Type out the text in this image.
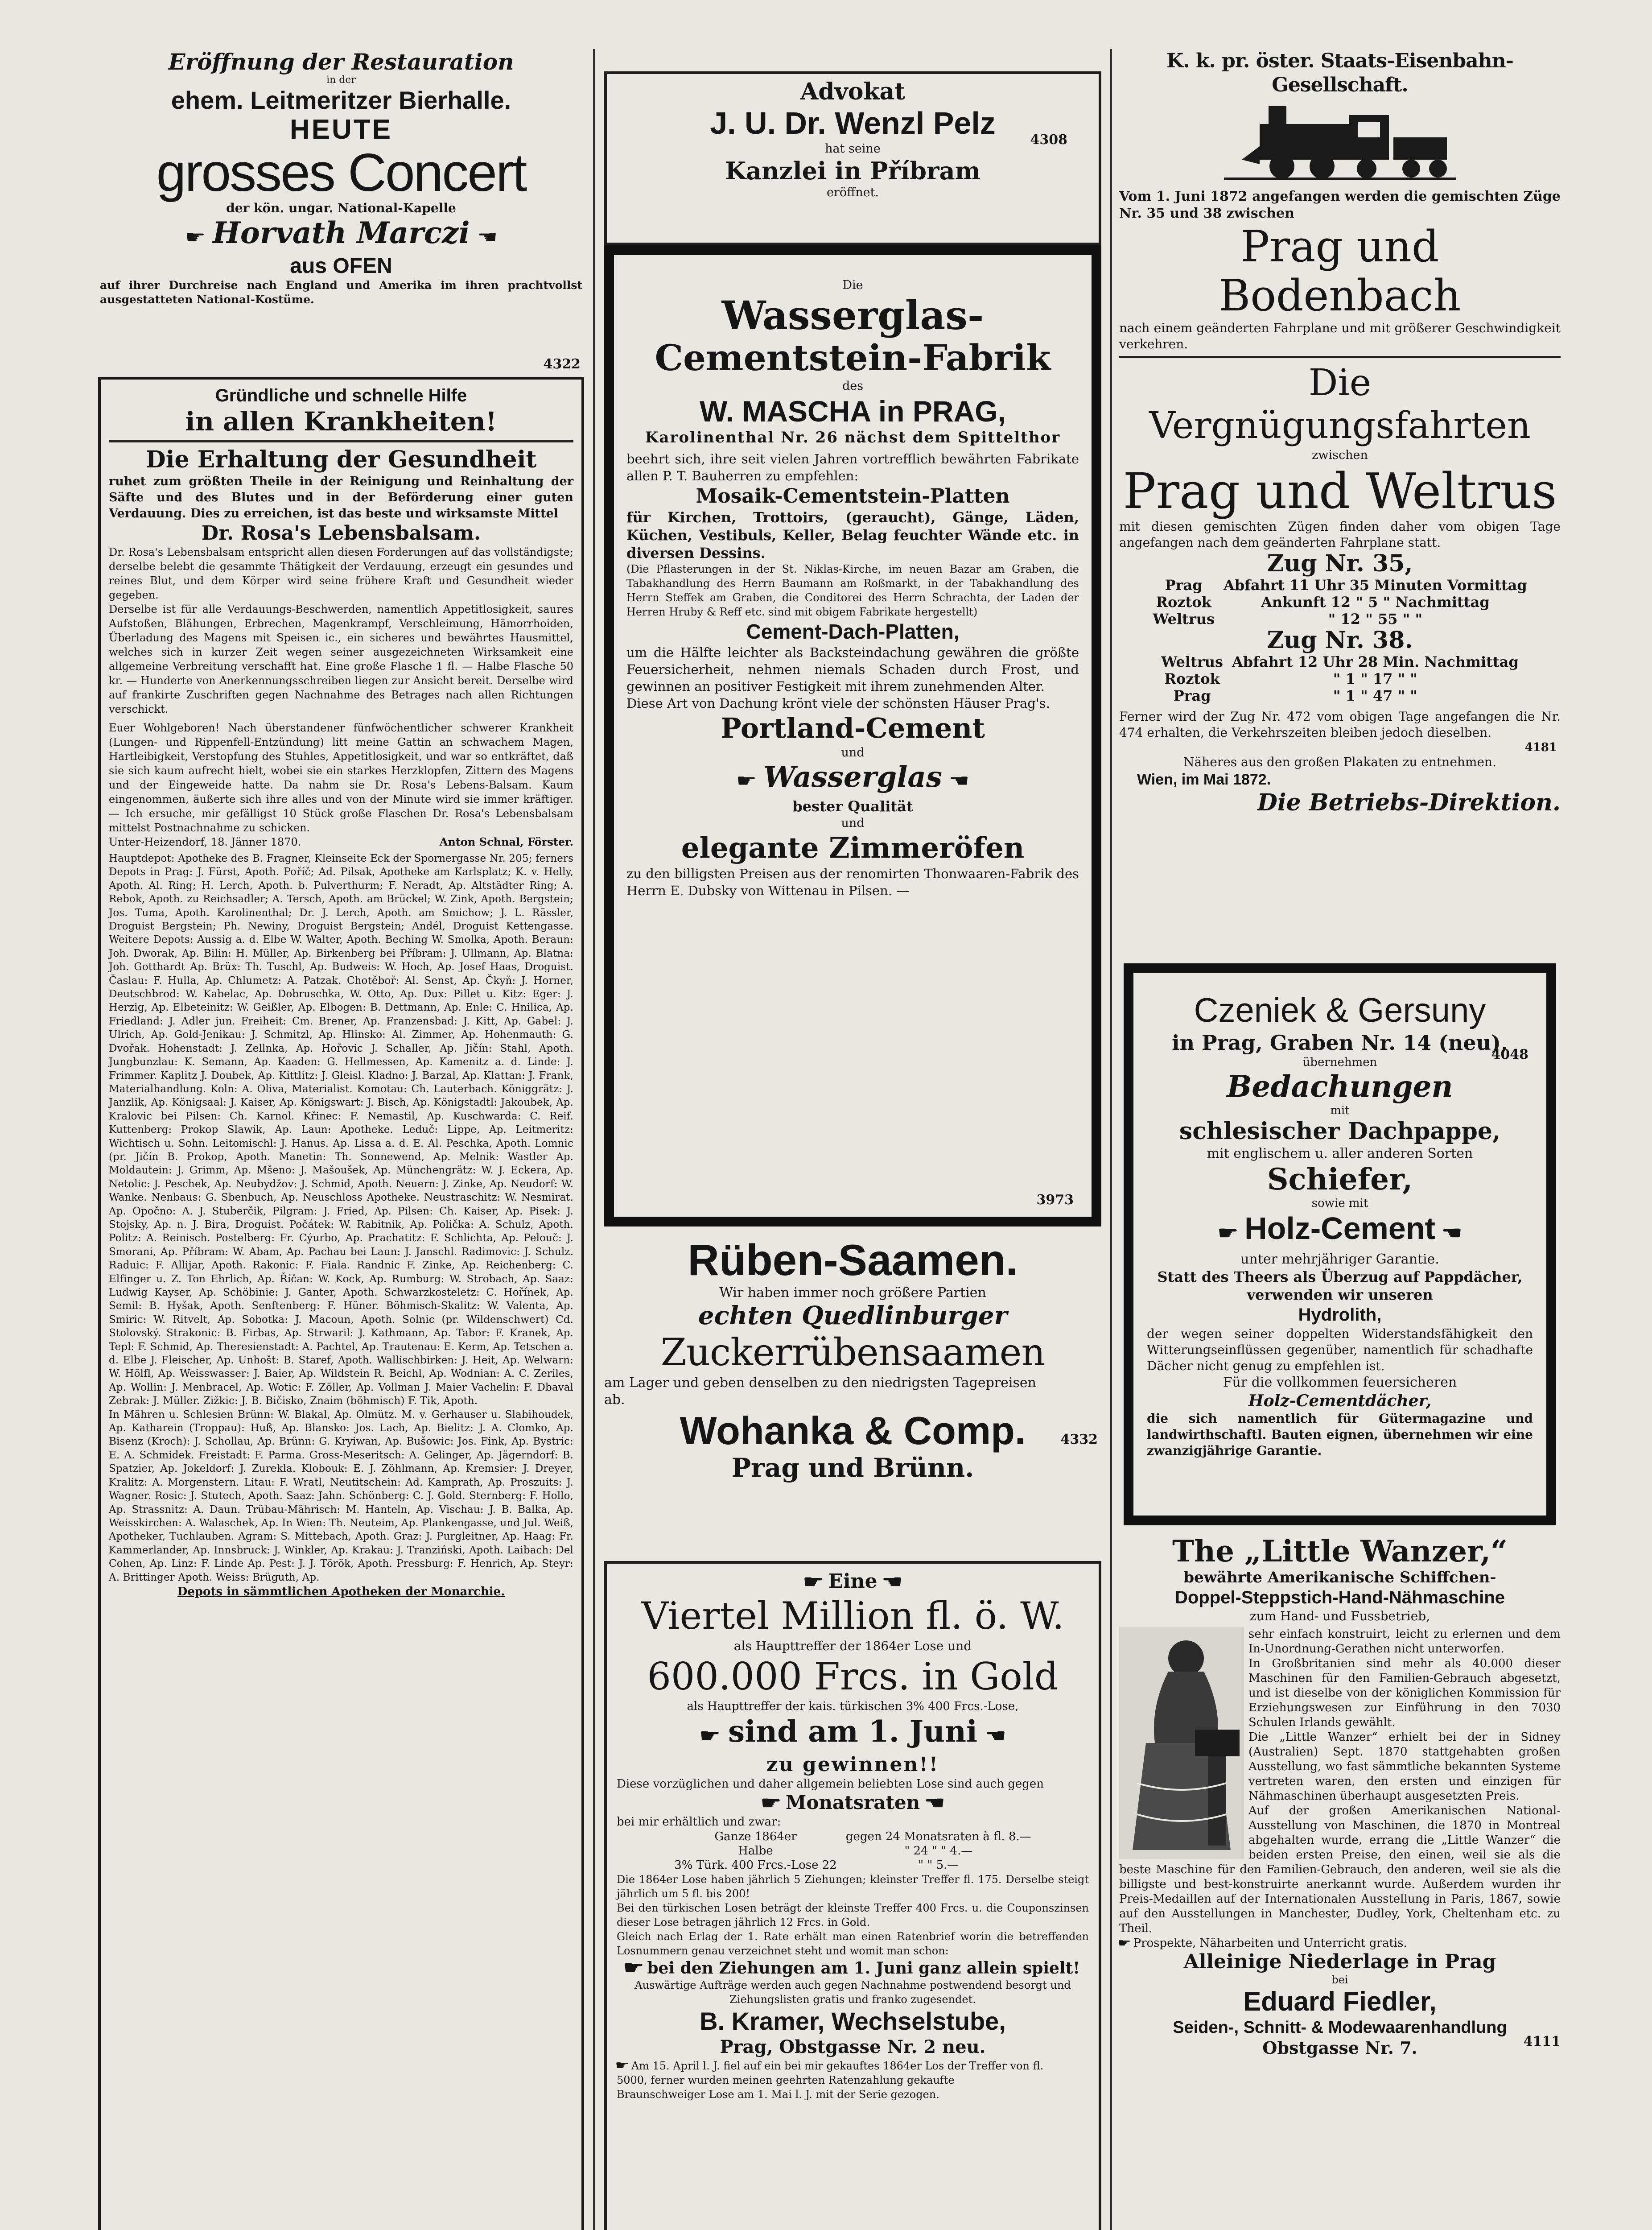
Eröffnung der Restauration
in der
ehem. Leitmeritzer Bierhalle.
HEUTE
grosses Concert
der kön. ungar. National-Kapelle
☛ Horvath Marczi ☛
aus OFEN
auf ihrer Durchreise nach England und Amerika im ihren prachtvollst ausgestatteten National-Kostüme.
4322
Gründliche und schnelle Hilfe
in allen Krankheiten!
Die Erhaltung der Gesundheit
ruhet zum größten Theile in der Reinigung und Reinhaltung der Säfte und des Blutes und in der Beförderung einer guten Verdauung. Dies zu erreichen, ist das beste und wirksamste Mittel
Dr. Rosa's Lebensbalsam.
Dr. Rosa's Lebensbalsam entspricht allen diesen Forderungen auf das vollständigste; derselbe belebt die gesammte Thätigkeit der Verdauung, erzeugt ein gesundes und reines Blut, und dem Körper wird seine frühere Kraft und Gesundheit wieder gegeben.
Derselbe ist für alle Verdauungs-Beschwerden, namentlich Appetitlosigkeit, saures Aufstoßen, Blähungen, Erbrechen, Magenkrampf, Verschleimung, Hämorrhoiden, Überladung des Magens mit Speisen ic., ein sicheres und bewährtes Hausmittel, welches sich in kurzer Zeit wegen seiner ausgezeichneten Wirksamkeit eine allgemeine Verbreitung verschafft hat. Eine große Flasche 1 fl. — Halbe Flasche 50 kr. — Hunderte von Anerkennungsschreiben liegen zur Ansicht bereit. Derselbe wird auf frankirte Zuschriften gegen Nachnahme des Betrages nach allen Richtungen verschickt.
Euer Wohlgeboren! Nach überstandener fünfwöchentlicher schwerer Krankheit (Lungen- und Rippenfell-Entzündung) litt meine Gattin an schwachem Magen, Hartleibigkeit, Verstopfung des Stuhles, Appetitlosigkeit, und war so entkräftet, daß sie sich kaum aufrecht hielt, wobei sie ein starkes Herzklopfen, Zittern des Magens und der Eingeweide hatte. Da nahm sie Dr. Rosa's Lebens-Balsam. Kaum eingenommen, äußerte sich ihre alles und von der Minute wird sie immer kräftiger. — Ich ersuche, mir gefälligst 10 Stück große Flaschen Dr. Rosa's Lebensbalsam mittelst Postnachnahme zu schicken.
Unter-Heizendorf, 18. Jänner 1870.	Anton Schnal, Förster.
Hauptdepot: Apotheke des B. Fragner, Kleinseite Eck der Spornergasse Nr. 205; ferners Depots in Prag: J. Fürst, Apoth. Poříč; Ad. Pilsak, Apotheke am Karlsplatz; K. v. Helly, Apoth. Al. Ring; H. Lerch, Apoth. b. Pulverthurm; F. Neradt, Ap. Altstädter Ring; A. Rebok, Apoth. zu Reichsadler; A. Tersch, Apoth. am Brückel; W. Zink, Apoth. Bergstein; Jos. Tuma, Apoth. Karolinenthal; Dr. J. Lerch, Apoth. am Smichow; J. L. Rässler, Droguist Bergstein; Ph. Newiny, Droguist Bergstein; Andél, Droguist Kettengasse. Weitere Depots: Aussig a. d. Elbe W. Walter, Apoth. Beching W. Smolka, Apoth. Beraun: Joh. Dworak, Ap. Bilin: H. Müller, Ap. Birkenberg bei Příbram: J. Ullmann, Ap. Blatna: Joh. Gotthardt Ap. Brüx: Th. Tuschl, Ap. Budweis: W. Hoch, Ap. Josef Haas, Droguist. Časlau: F. Hulla, Ap. Chlumetz: A. Patzak. Chotěboř: Al. Senst, Ap. Čkyň: J. Horner, Deutschbrod: W. Kabelac, Ap. Dobruschka, W. Otto, Ap. Dux: Pillet u. Kitz: Eger: J. Herzig, Ap. Elbeteinitz: W. Geißler, Ap. Elbogen: B. Dettmann, Ap. Enle: C. Hnilica, Ap. Friedland: J. Adler jun. Freiheit: Cm. Brener, Ap. Franzensbad: J. Kitt, Ap. Gabel: J. Ulrich, Ap. Gold-Jenikau: J. Schmitzl, Ap. Hlinsko: Al. Zimmer, Ap. Hohenmauth: G. Dvořak. Hohenstadt: J. Zellnka, Ap. Hořovic J. Schaller, Ap. Jičín: Stahl, Apoth. Jungbunzlau: K. Semann, Ap. Kaaden: G. Hellmessen, Ap. Kamenitz a. d. Linde: J. Frimmer. Kaplitz J. Doubek, Ap. Kittlitz: J. Gleisl. Kladno: J. Barzal, Ap. Klattan: J. Frank, Materialhandlung. Koln: A. Oliva, Materialist. Komotau: Ch. Lauterbach. Königgrätz: J. Janzlik, Ap. Königsaal: J. Kaiser, Ap. Königswart: J. Bisch, Ap. Königstadtl: Jakoubek, Ap. Kralovic bei Pilsen: Ch. Karnol. Křinec: F. Nemastil, Ap. Kuschwarda: C. Reif. Kuttenberg: Prokop Slawik, Ap. Laun: Apotheke. Leduč: Lippe, Ap. Leitmeritz: Wichtisch u. Sohn. Leitomischl: J. Hanus. Ap. Lissa a. d. E. Al. Peschka, Apoth. Lomnic (pr. Jičín B. Prokop, Apoth. Manetin: Th. Sonnewend, Ap. Melnik: Wastler Ap. Moldautein: J. Grimm, Ap. Mšeno: J. Mašoušek, Ap. Münchengrätz: W. J. Eckera, Ap. Netolic: J. Peschek, Ap. Neubydžov: J. Schmid, Apoth. Neuern: J. Zinke, Ap. Neudorf: W. Wanke. Nenbaus: G. Sbenbuch, Ap. Neuschloss Apotheke. Neustraschitz: W. Nesmirat. Ap. Opočno: A. J. Stuberčik, Pilgram: J. Fried, Ap. Pilsen: Ch. Kaiser, Ap. Pisek: J. Stojsky, Ap. n. J. Bira, Droguist. Počátek: W. Rabitnik, Ap. Polička: A. Schulz, Apoth. Politz: A. Reinisch. Postelberg: Fr. Cýurbo, Ap. Prachatitz: F. Schlichta, Ap. Pelouč: J. Smorani, Ap. Příbram: W. Abam, Ap. Pachau bei Laun: J. Janschl. Radimovic: J. Schulz. Raduic: F. Allijar, Apoth. Rakonic: F. Fiala. Randnic F. Zinke, Ap. Reichenberg: C. Elfinger u. Z. Ton Ehrlich, Ap. Říčan: W. Kock, Ap. Rumburg: W. Strobach, Ap. Saaz: Ludwig Kayser, Ap. Schöbinie: J. Ganter, Apoth. Schwarzkosteletz: C. Hořínek, Ap. Semil: B. Hyšak, Apoth. Senftenberg: F. Hüner. Böhmisch-Skalitz: W. Valenta, Ap. Smiric: W. Ritvelt, Ap. Sobotka: J. Macoun, Apoth. Solnic (pr. Wildenschwert) Cd. Stolovský. Strakonic: B. Firbas, Ap. Strwaril: J. Kathmann, Ap. Tabor: F. Kranek, Ap. Tepl: F. Schmid, Ap. Theresienstadt: A. Pachtel, Ap. Trautenau: E. Kerm, Ap. Tetschen a. d. Elbe J. Fleischer, Ap. Unhošt: B. Staref, Apoth. Wallischbirken: J. Heit, Ap. Welwarn: W. Hölfl, Ap. Weisswasser: J. Baier, Ap. Wildstein R. Beichl, Ap. Wodnian: A. C. Zeriles, Ap. Wollin: J. Menbracel, Ap. Wotic: F. Zöller, Ap. Vollman J. Maier Vachelin: F. Dbaval Zebrak: J. Müller. Zižkic: J. B. Bičisko, Znaim (böhmisch) F. Tik, Apoth.
In Mähren u. Schlesien Brünn: W. Blakal, Ap. Olmütz. M. v. Gerhauser u. Slabihoudek, Ap. Katharein (Troppau): Huß, Ap. Blansko: Jos. Lach, Ap. Bielitz: J. A. Clomko, Ap. Bisenz (Kroch): J. Schollau, Ap. Brünn: G. Kryiwan, Ap. Bušowic: Jos. Fink, Ap. Bystric: E. A. Schmidek. Freistadt: F. Parma. Gross-Meseritsch: A. Gelinger, Ap. Jägerndorf: B. Spatzier, Ap. Jokeldorf: J. Zurekla. Klobouk: E. J. Zöhlmann, Ap. Kremsier: J. Dreyer, Kralitz: A. Morgenstern. Litau: F. Wratl, Neutitschein: Ad. Kamprath, Ap. Proszuits: J. Wagner. Rosic: J. Stutech, Apoth. Saaz: Jahn. Schönberg: C. J. Gold. Sternberg: F. Hollo, Ap. Strassnitz: A. Daun. Trübau-Mährisch: M. Hanteln, Ap. Vischau: J. B. Balka, Ap. Weisskirchen: A. Walaschek, Ap. In Wien: Th. Neuteim, Ap. Plankengasse, und Jul. Weiß, Apotheker, Tuchlauben. Agram: S. Mittebach, Apoth. Graz: J. Purgleitner, Ap. Haag: Fr. Kammerlander, Ap. Innsbruck: J. Winkler, Ap. Krakau: J. Tranziński, Apoth. Laibach: Del Cohen, Ap. Linz: F. Linde Ap. Pest: J. J. Török, Apoth. Pressburg: F. Henrich, Ap. Steyr: A. Brittinger Apoth. Weiss: Brüguth, Ap.
Depots in sämmtlichen Apotheken der Monarchie.
Advokat
J. U. Dr. Wenzl Pelz
hat seine
Kanzlei in Příbram
eröffnet.
4308
Die
Wasserglas-
Cementstein-Fabrik
des
W. MASCHA in PRAG,
Karolinenthal Nr. 26 nächst dem Spittelthor
beehrt sich, ihre seit vielen Jahren vortrefflich bewährten Fabrikate allen P. T. Bauherren zu empfehlen:
Mosaik-Cementstein-Platten
für Kirchen, Trottoirs, (geraucht), Gänge, Läden, Küchen, Vestibuls, Keller, Belag feuchter Wände etc. in diversen Dessins.
(Die Pflasterungen in der St. Niklas-Kirche, im neuen Bazar am Graben, die Tabakhandlung des Herrn Baumann am Roßmarkt, in der Tabakhandlung des Herrn Steffek am Graben, die Conditorei des Herrn Schrachta, der Laden der Herren Hruby & Reff etc. sind mit obigem Fabrikate hergestellt)
Cement-Dach-Platten,
um die Hälfte leichter als Backsteindachung gewähren die größte Feuersicherheit, nehmen niemals Schaden durch Frost, und gewinnen an positiver Festigkeit mit ihrem zunehmenden Alter.
Diese Art von Dachung krönt viele der schönsten Häuser Prag's.
Portland-Cement
und
☛ Wasserglas ☛
bester Qualität
und
elegante Zimmeröfen
zu den billigsten Preisen aus der renomirten Thonwaaren-Fabrik des Herrn E. Dubsky von Wittenau in Pilsen. —
3973
Rüben-Saamen.
Wir haben immer noch größere Partien
echten Quedlinburger
Zuckerrübensaamen
am Lager und geben denselben zu den niedrigsten Tagepreisen ab.
4332
Wohanka & Comp.
Prag und Brünn.
☛ Eine ☛
Viertel Million fl. ö. W.
als Haupttreffer der 1864er Lose und
600.000 Frcs. in Gold
als Haupttreffer der kais. türkischen 3% 400 Frcs.-Lose,
☛ sind am 1. Juni ☛
zu gewinnen!!
Diese vorzüglichen und daher allgemein beliebten Lose sind auch gegen
☛ Monatsraten ☛
bei mir erhältlich und zwar:
Ganze 1864er	gegen 24 Monatsraten à fl. 8.—
Halbe	" 24 " " 4.—
3% Türk. 400 Frcs.-Lose 22	" " 5.—
Die 1864er Lose haben jährlich 5 Ziehungen; kleinster Treffer fl. 175. Derselbe steigt jährlich um 5 fl. bis 200!
Bei den türkischen Losen beträgt der kleinste Treffer 400 Frcs. u. die Couponszinsen dieser Lose betragen jährlich 12 Frcs. in Gold.
Gleich nach Erlag der 1. Rate erhält man einen Ratenbrief worin die betreffenden Losnummern genau verzeichnet steht und womit man schon:
☛ bei den Ziehungen am 1. Juni ganz allein spielt!
Auswärtige Aufträge werden auch gegen Nachnahme postwendend besorgt und Ziehungslisten gratis und franko zugesendet.
B. Kramer, Wechselstube,
Prag, Obstgasse Nr. 2 neu.
☛ Am 15. April l. J. fiel auf ein bei mir gekauftes 1864er Los der Treffer von fl. 5000, ferner wurden meinen geehrten Ratenzahlung gekaufte Braunschweiger Lose am 1. Mai l. J. mit der Serie gezogen.
K. k. pr. öster. Staats-Eisenbahn-Gesellschaft.
Vom 1. Juni 1872 angefangen werden die gemischten Züge Nr. 35 und 38 zwischen
Prag und Bodenbach
nach einem geänderten Fahrplane und mit größerer Geschwindigkeit verkehren.
Die Vergnügungsfahrten
zwischen
Prag und Weltrus
mit diesen gemischten Zügen finden daher vom obigen Tage angefangen nach dem geänderten Fahrplane statt.
Zug Nr. 35,
Prag	Abfahrt 11 Uhr 35 Minuten Vormittag
Roztok	Ankunft 12 " 5 " Nachmittag
Weltrus	" 12 " 55 " "
Zug Nr. 38.
Weltrus	Abfahrt 12 Uhr 28 Min. Nachmittag
Roztok	" 1 " 17 " "
Prag	" 1 " 47 " "
Ferner wird der Zug Nr. 472 vom obigen Tage angefangen die Nr. 474 erhalten, die Verkehrszeiten bleiben jedoch dieselben.
4181
Näheres aus den großen Plakaten zu entnehmen.
Wien, im Mai 1872.
Die Betriebs-Direktion.
Czeniek & Gersuny
in Prag, Graben Nr. 14 (neu),
übernehmen	4048
Bedachungen
mit
schlesischer Dachpappe,
mit englischem u. aller anderen Sorten
Schiefer,
sowie mit
☛ Holz-Cement ☛
unter mehrjähriger Garantie.
Statt des Theers als Überzug auf Pappdächer, verwenden wir unseren
Hydrolith,
der wegen seiner doppelten Widerstandsfähigkeit den Witterungseinflüssen gegenüber, namentlich für schadhafte Dächer nicht genug zu empfehlen ist.
Für die vollkommen feuersicheren
Holz-Cementdächer,
die sich namentlich für Gütermagazine und landwirthschaftl. Bauten eignen, übernehmen wir eine zwanzigjährige Garantie.
The „Little Wanzer,“
bewährte Amerikanische Schiffchen-
Doppel-Steppstich-Hand-Nähmaschine
zum Hand- und Fussbetrieb,
sehr einfach konstruirt, leicht zu erlernen und dem In-Unordnung-Gerathen nicht unterworfen.
In Großbritanien sind mehr als 40.000 dieser Maschinen für den Familien-Gebrauch abgesetzt, und ist dieselbe von der königlichen Kommission für Erziehungswesen zur Einführung in den 7030 Schulen Irlands gewählt.
Die „Little Wanzer“ erhielt bei der in Sidney (Australien) Sept. 1870 stattgehabten großen Ausstellung, wo fast sämmtliche bekannten Systeme vertreten waren, den ersten und einzigen für Nähmaschinen überhaupt ausgesetzten Preis.
Auf der großen Amerikanischen National-Ausstellung von Maschinen, die 1870 in Montreal abgehalten wurde, errang die „Little Wanzer“ die beiden ersten Preise, den einen, weil sie als die beste Maschine für den Familien-Gebrauch, den anderen, weil sie als die billigste und best-konstruirte anerkannt wurde. Außerdem wurden ihr Preis-Medaillen auf der Internationalen Ausstellung in Paris, 1867, sowie auf den Ausstellungen in Manchester, Dudley, York, Cheltenham etc. zu Theil.
☛ Prospekte, Näharbeiten und Unterricht gratis.
Alleinige Niederlage in Prag
bei
Eduard Fiedler,
Seiden-, Schnitt- & Modewaarenhandlung
Obstgasse Nr. 7.	4111
